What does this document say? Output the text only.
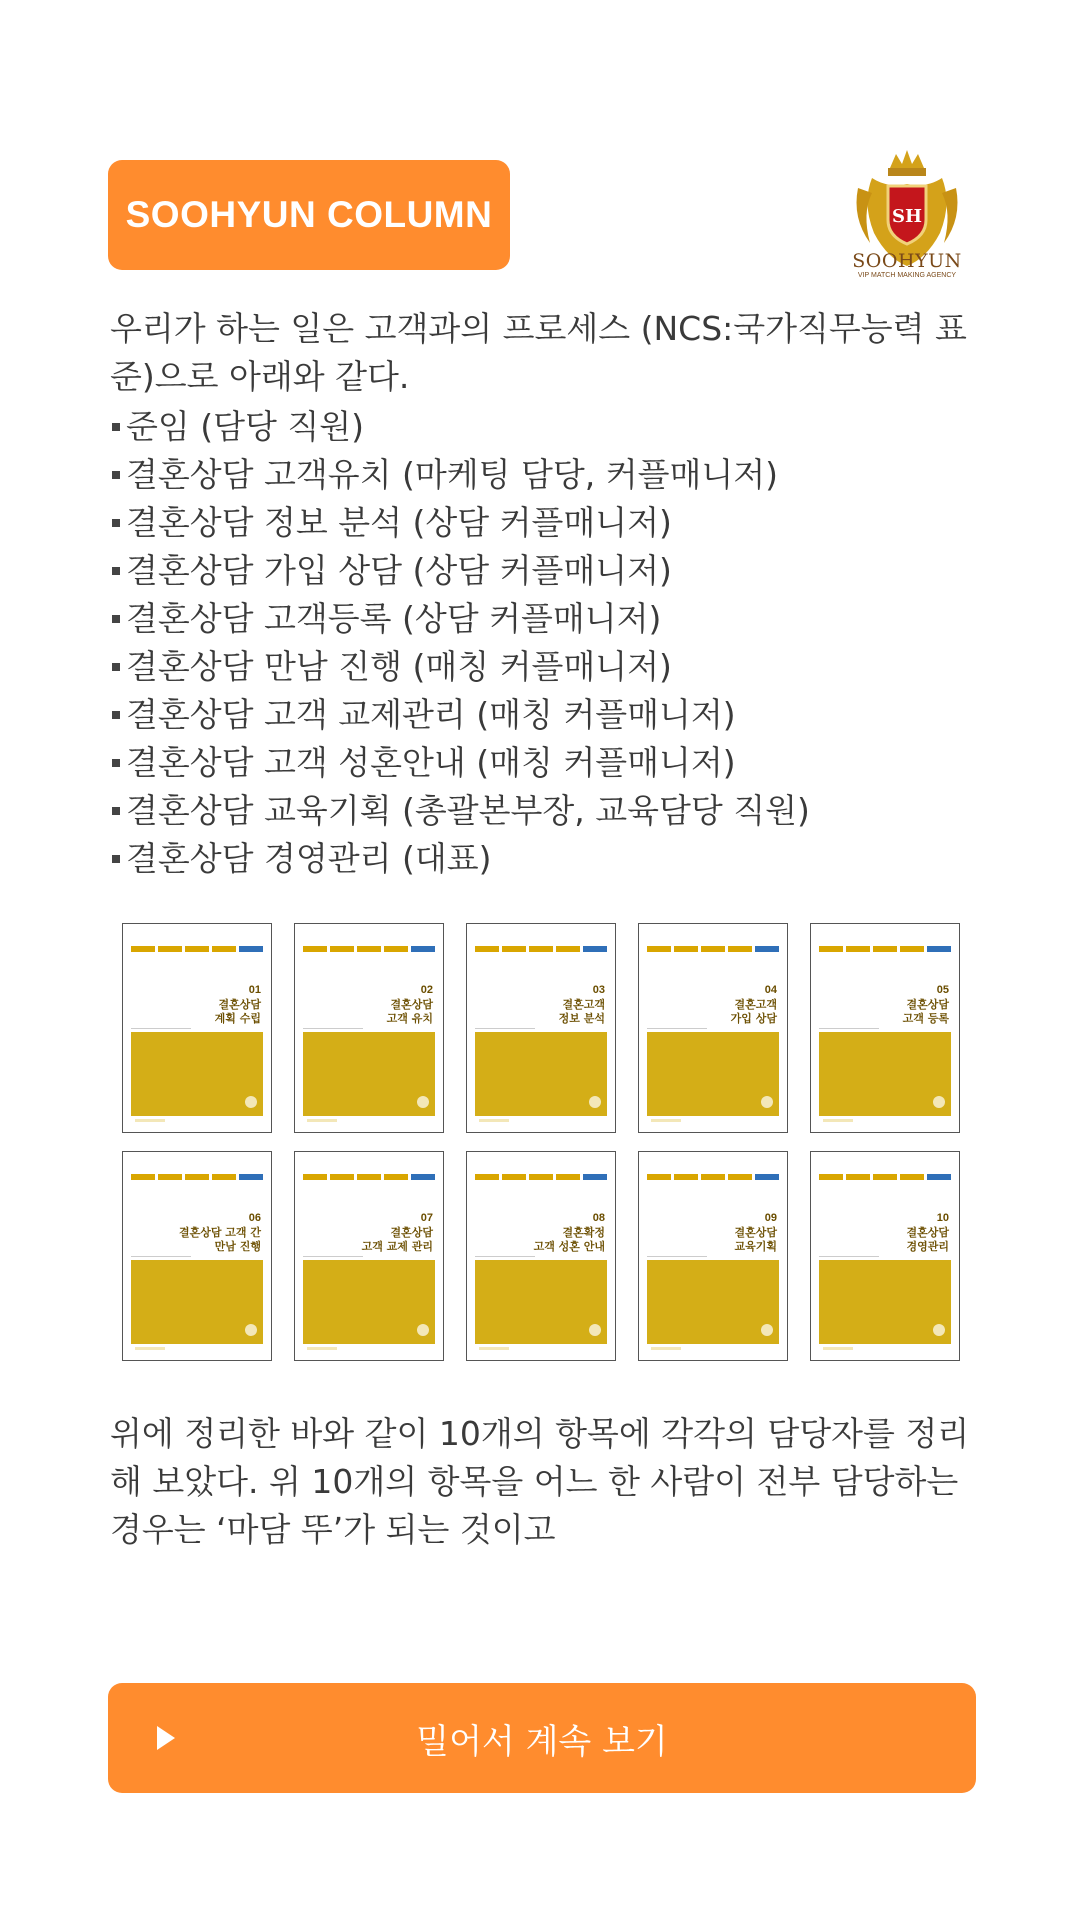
SOOHYUN COLUMN	SH
SOOHYUN
VIP MATCH MAKING AGENCY

우리가 하는 일은 고객과의 프로세스 (NCS:국가직무능력 표준)으로 아래와 같다.

준임 (담당 직원)
결혼상담 고객유치 (마케팅 담당, 커플매니저)
결혼상담 정보 분석 (상담 커플매니저)
결혼상담 가입 상담 (상담 커플매니저)
결혼상담 고객등록 (상담 커플매니저)
결혼상담 만남 진행 (매칭 커플매니저)
결혼상담 고객 교제관리 (매칭 커플매니저)
결혼상담 고객 성혼안내 (매칭 커플매니저)
결혼상담 교육기획 (총괄본부장, 교육담당 직원)
결혼상담 경영관리 (대표)
01
결혼상담
계획 수립
02
결혼상담
고객 유치
03
결혼고객
정보 분석
04
결혼고객
가입 상담
05
결혼상담
고객 등록
06
결혼상담 고객 간
만남 진행
07
결혼상담
고객 교제 관리
08
결혼확정
고객 성혼 안내
09
결혼상담
교육기획
10
결혼상담
경영관리

위에 정리한 바와 같이 10개의 항목에 각각의 담당자를 정리해 보았다. 위 10개의 항목을 어느 한 사람이 전부 담당하는 경우는 ‘마담 뚜’가 되는 것이고

밀어서 계속 보기
